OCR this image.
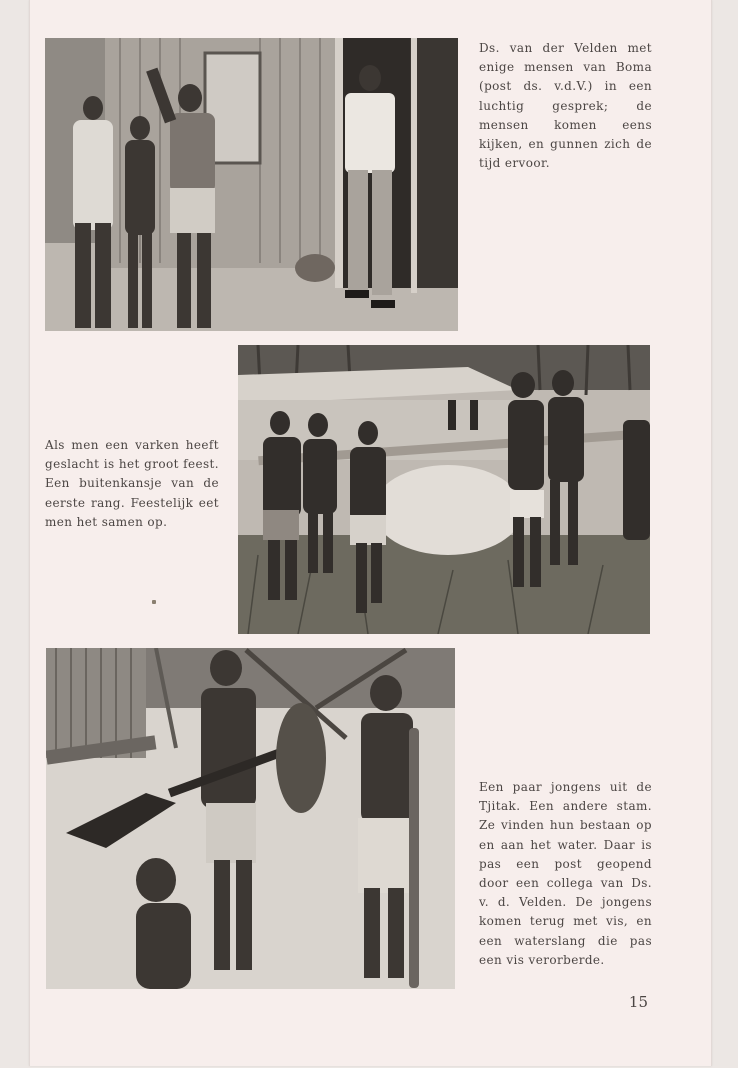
Ds. van der Velden met enige mensen van Boma (post ds. v.d.V.) in een luchtig gesprek; de mensen komen eens kijken, en gunnen zich de tijd ervoor.

Als men een varken heeft geslacht is het groot feest. Een buitenkansje van de eerste rang. Feestelijk eet men het samen op.

Een paar jongens uit de Tjitak. Een andere stam. Ze vinden hun bestaan op en aan het water. Daar is pas een post geopend door een collega van Ds. v. d. Velden. De jongens komen terug met vis, en een waterslang die pas een vis verorberde.

15
